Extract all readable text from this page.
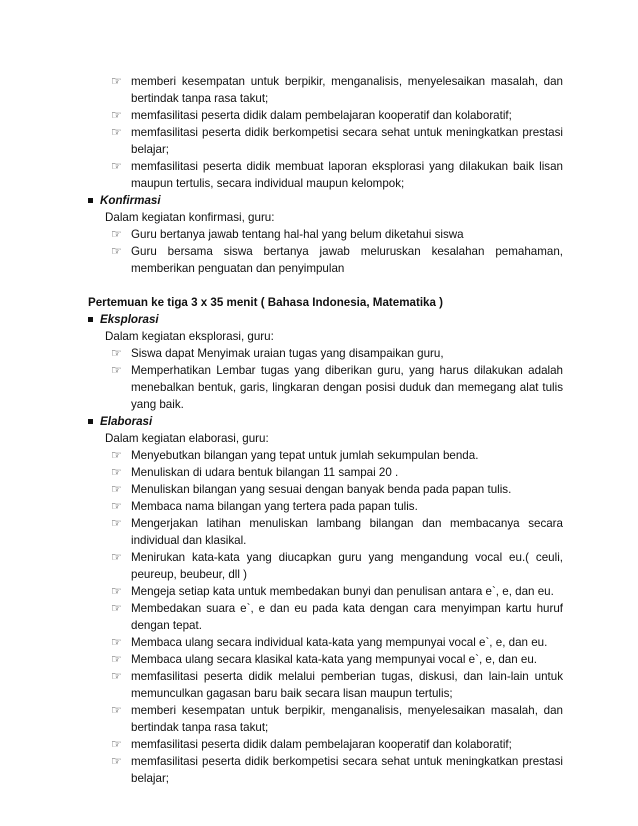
☞ memberi kesempatan untuk berpikir, menganalisis, menyelesaikan masalah, dan bertindak tanpa rasa takut;
☞ memfasilitasi peserta didik dalam pembelajaran kooperatif dan kolaboratif;
☞ memfasilitasi peserta didik berkompetisi secara sehat untuk meningkatkan prestasi belajar;
☞ memfasilitasi peserta didik membuat laporan eksplorasi yang dilakukan baik lisan maupun tertulis, secara individual maupun kelompok;
Konfirmasi
Dalam kegiatan konfirmasi, guru:
☞ Guru bertanya jawab tentang hal-hal yang belum diketahui siswa
☞ Guru bersama siswa bertanya jawab meluruskan kesalahan pemahaman, memberikan penguatan dan penyimpulan
Pertemuan ke tiga 3 x 35 menit ( Bahasa Indonesia, Matematika )
Eksplorasi
Dalam kegiatan eksplorasi, guru:
☞ Siswa dapat Menyimak uraian tugas yang disampaikan guru,
☞ Memperhatikan Lembar tugas yang diberikan guru, yang harus dilakukan adalah menebalkan bentuk, garis, lingkaran dengan posisi duduk dan memegang alat tulis yang baik.
Elaborasi
Dalam kegiatan elaborasi, guru:
☞ Menyebutkan bilangan yang tepat untuk jumlah sekumpulan benda.
☞ Menuliskan di udara bentuk bilangan 11 sampai 20 .
☞ Menuliskan bilangan yang sesuai dengan banyak benda pada papan tulis.
☞ Membaca nama bilangan yang tertera pada papan tulis.
☞ Mengerjakan latihan menuliskan lambang bilangan dan membacanya secara individual dan klasikal.
☞ Menirukan kata-kata yang diucapkan guru yang mengandung vocal eu.( ceuli, peureup, beubeur, dll )
☞ Mengeja setiap kata untuk membedakan bunyi dan penulisan antara e`, e, dan eu.
☞ Membedakan suara e`, e dan eu pada kata dengan cara menyimpan kartu huruf dengan tepat.
☞ Membaca ulang secara individual kata-kata yang mempunyai vocal e`, e, dan eu.
☞ Membaca ulang secara klasikal kata-kata yang mempunyai vocal e`, e, dan eu.
☞ memfasilitasi peserta didik melalui pemberian tugas, diskusi, dan lain-lain untuk memunculkan gagasan baru baik secara lisan maupun tertulis;
☞ memberi kesempatan untuk berpikir, menganalisis, menyelesaikan masalah, dan bertindak tanpa rasa takut;
☞ memfasilitasi peserta didik dalam pembelajaran kooperatif dan kolaboratif;
☞ memfasilitasi peserta didik berkompetisi secara sehat untuk meningkatkan prestasi belajar;
